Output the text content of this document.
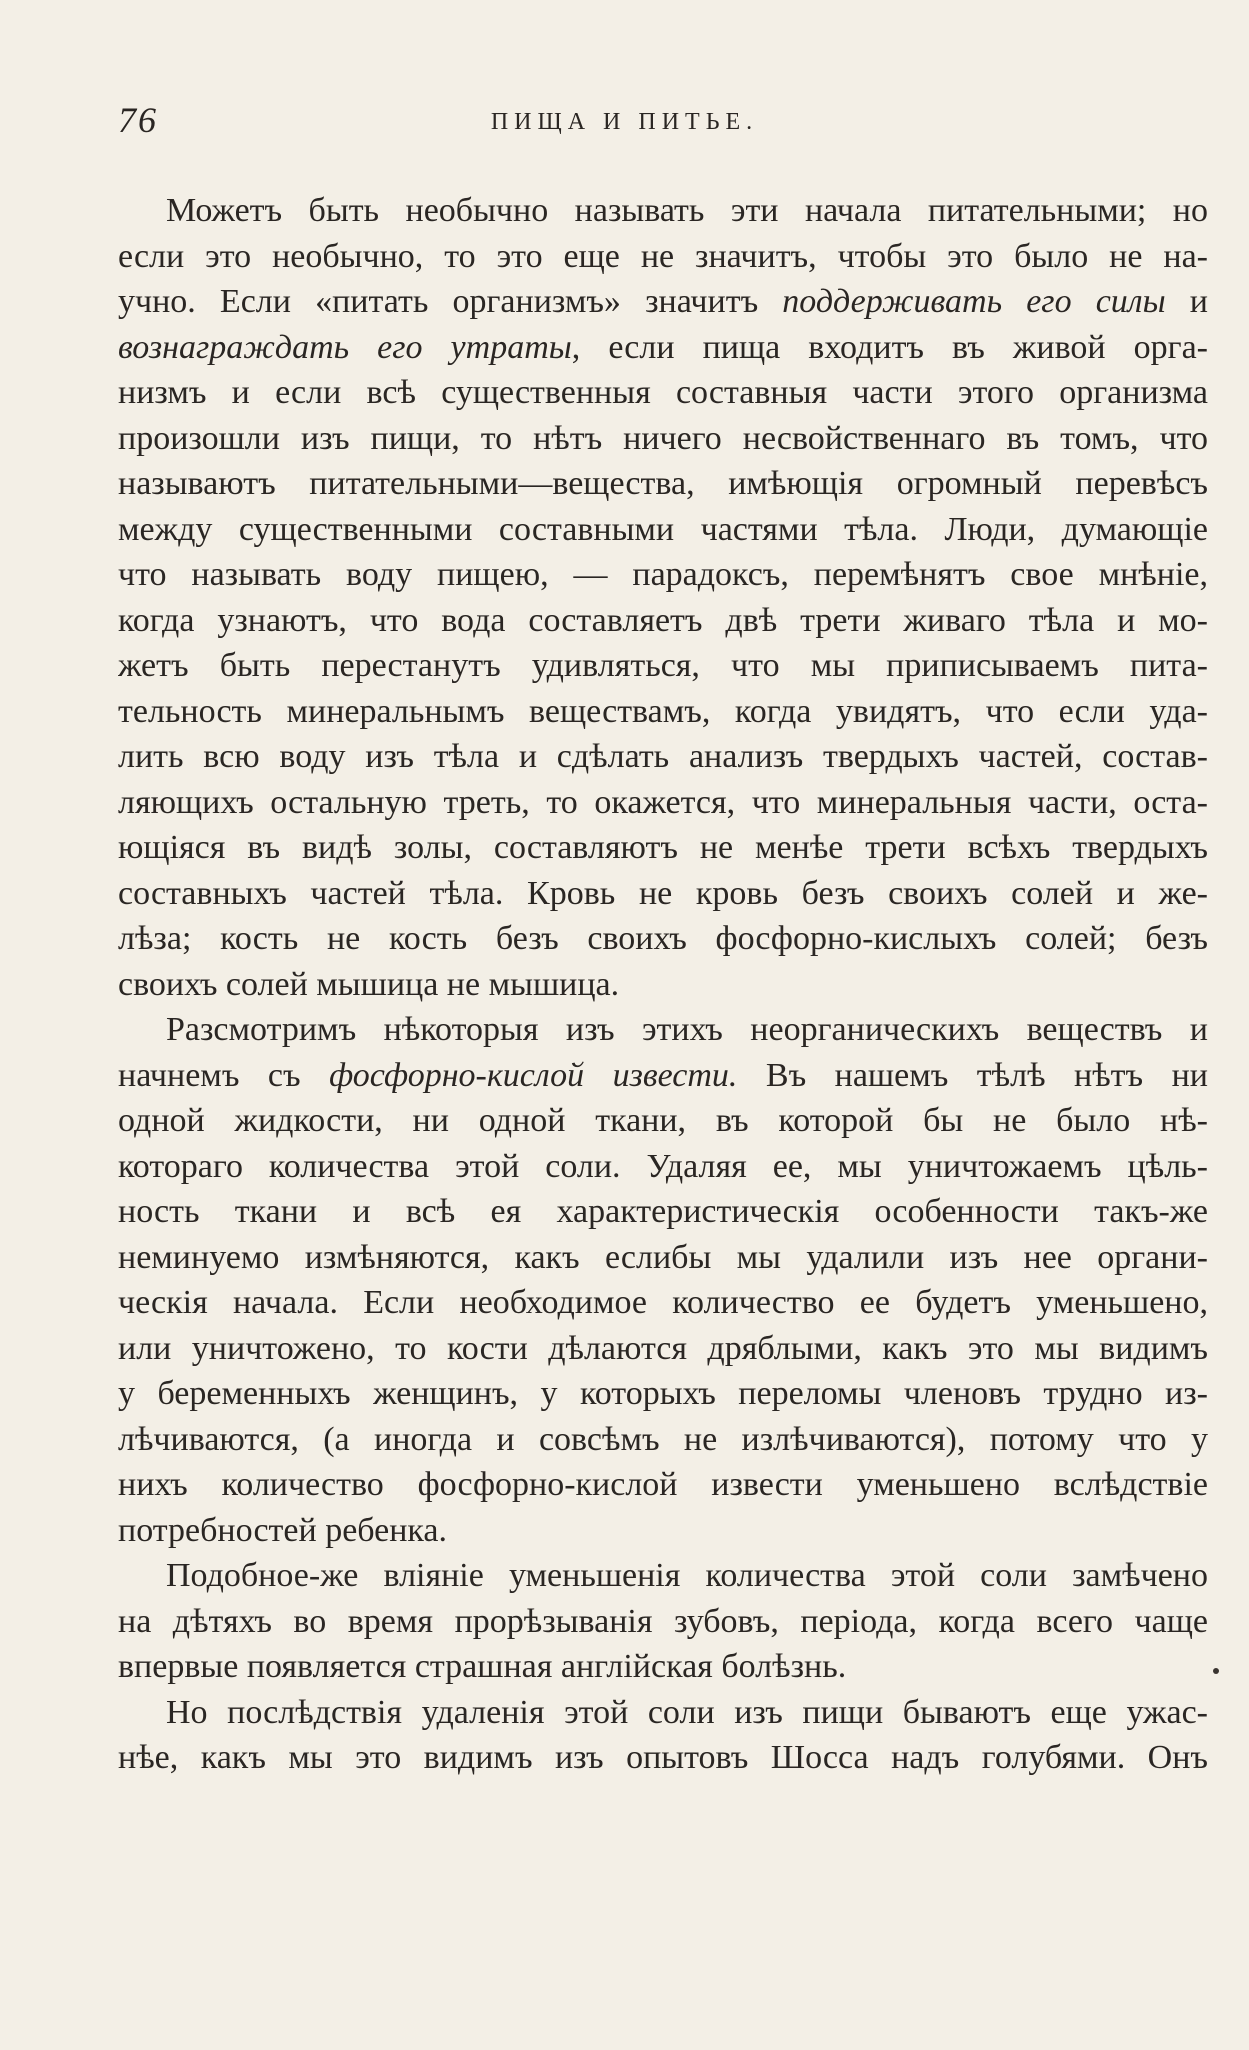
76	ПИЩА И ПИТЬЕ.

Можетъ быть необычно называть эти начала питательными; но
если это необычно, то это еще не значитъ, чтобы это было не на-
учно. Если «питать организмъ» значитъ поддерживать его силы и
вознаграждать его утраты, если пища входитъ въ живой орга-
низмъ и если всѣ существенныя составныя части этого организма
произошли изъ пищи, то нѣтъ ничего несвойственнаго въ томъ, что
называютъ питательными—вещества, имѣющія огромный перевѣсъ
между существенными составными частями тѣла. Люди, думающіе
что называть воду пищею, — парадоксъ, перемѣнятъ свое мнѣніе,
когда узнаютъ, что вода составляетъ двѣ трети живаго тѣла и мо-
жетъ быть перестанутъ удивляться, что мы приписываемъ пита-
тельность минеральнымъ веществамъ, когда увидятъ, что если уда-
лить всю воду изъ тѣла и сдѣлать анализъ твердыхъ частей, состав-
ляющихъ остальную треть, то окажется, что минеральныя части, оста-
ющіяся въ видѣ золы, составляютъ не менѣе трети всѣхъ твердыхъ
составныхъ частей тѣла. Кровь не кровь безъ своихъ солей и же-
лѣза; кость не кость безъ своихъ фосфорно-кислыхъ солей; безъ
своихъ солей мышица не мышица.

Разсмотримъ нѣкоторыя изъ этихъ неорганическихъ веществъ и
начнемъ съ фосфорно-кислой извести. Въ нашемъ тѣлѣ нѣтъ ни
одной жидкости, ни одной ткани, въ которой бы не было нѣ-
котораго количества этой соли. Удаляя ее, мы уничтожаемъ цѣль-
ность ткани и всѣ ея характеристическія особенности такъ-же
неминуемо измѣняются, какъ еслибы мы удалили изъ нее органи-
ческія начала. Если необходимое количество ее будетъ уменьшено,
или уничтожено, то кости дѣлаются дряблыми, какъ это мы видимъ
у беременныхъ женщинъ, у которыхъ переломы членовъ трудно из-
лѣчиваются, (а иногда и совсѣмъ не излѣчиваются), потому что у
нихъ количество фосфорно-кислой извести уменьшено вслѣдствіе
потребностей ребенка.

Подобное-же вліяніе уменьшенія количества этой соли замѣчено
на дѣтяхъ во время прорѣзыванія зубовъ, періода, когда всего чаще
впервые появляется страшная англійская болѣзнь.

Но послѣдствія удаленія этой соли изъ пищи бываютъ еще ужас-
нѣе, какъ мы это видимъ изъ опытовъ Шосса надъ голубями. Онъ
